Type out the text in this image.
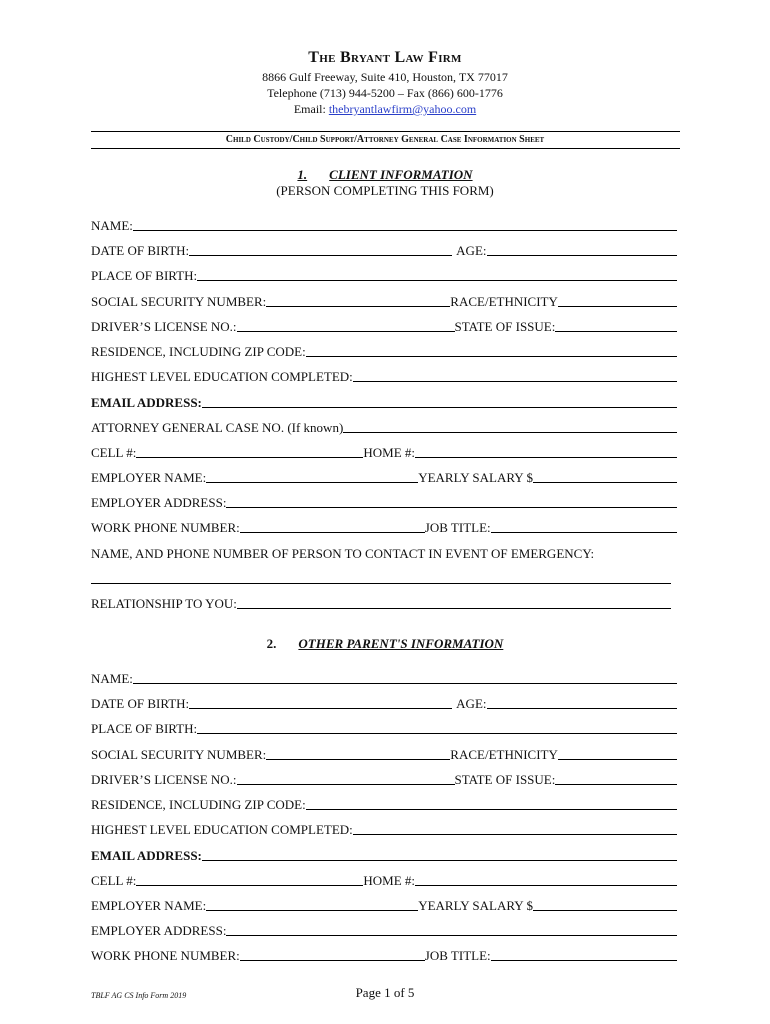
The Bryant Law Firm
8866 Gulf Freeway, Suite 410, Houston, TX 77017
Telephone (713) 944-5200 – Fax (866) 600-1776
Email: thebryantlawfirm@yahoo.com
Child Custody/Child Support/Attorney General Case Information Sheet
1. CLIENT INFORMATION
(PERSON COMPLETING THIS FORM)
NAME:
DATE OF BIRTH:	AGE:
PLACE OF BIRTH:
SOCIAL SECURITY NUMBER:	RACE/ETHNICITY
DRIVER’S LICENSE NO.:	STATE OF ISSUE:
RESIDENCE, INCLUDING ZIP CODE:
HIGHEST LEVEL EDUCATION COMPLETED:
EMAIL ADDRESS:
ATTORNEY GENERAL CASE NO. (If known)
CELL #:	HOME #:
EMPLOYER NAME:	YEARLY SALARY $
EMPLOYER ADDRESS:
WORK PHONE NUMBER:	JOB TITLE:
NAME, AND PHONE NUMBER OF PERSON TO CONTACT IN EVENT OF EMERGENCY:
RELATIONSHIP TO YOU:
2. OTHER PARENT'S INFORMATION
NAME:
DATE OF BIRTH:	AGE:
PLACE OF BIRTH:
SOCIAL SECURITY NUMBER:	RACE/ETHNICITY
DRIVER’S LICENSE NO.:	STATE OF ISSUE:
RESIDENCE, INCLUDING ZIP CODE:
HIGHEST LEVEL EDUCATION COMPLETED:
EMAIL ADDRESS:
CELL #:	HOME #:
EMPLOYER NAME:	YEARLY SALARY $
EMPLOYER ADDRESS:
WORK PHONE NUMBER:	JOB TITLE:
TBLF AG CS Info Form 2019	Page 1 of 5
